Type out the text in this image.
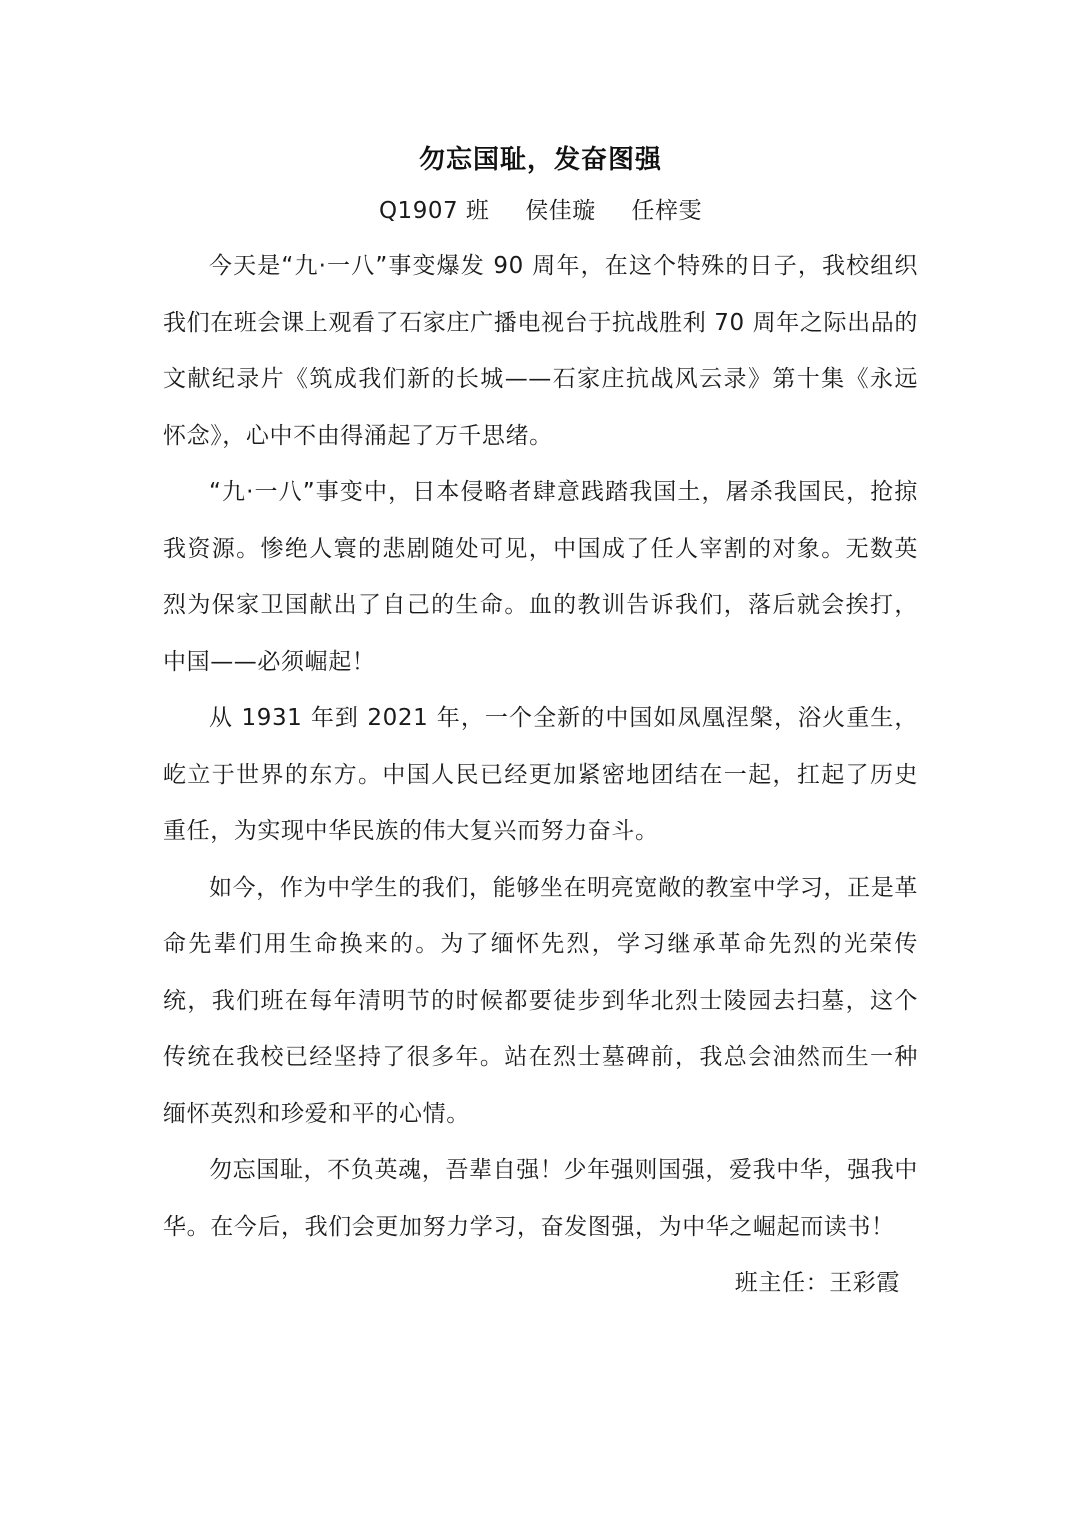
勿忘国耻，发奋图强

Q1907 班 侯佳璇 任梓雯

今天是“九·一八”事变爆发 90 周年，在这个特殊的日子，我校组织我们在班会课上观看了石家庄广播电视台于抗战胜利 70 周年之际出品的文献纪录片《筑成我们新的长城——石家庄抗战风云录》第十集《永远怀念》，心中不由得涌起了万千思绪。

“九·一八”事变中，日本侵略者肆意践踏我国土，屠杀我国民，抢掠我资源。惨绝人寰的悲剧随处可见，中国成了任人宰割的对象。无数英烈为保家卫国献出了自己的生命。血的教训告诉我们，落后就会挨打，中国——必须崛起！

从 1931 年到 2021 年，一个全新的中国如凤凰涅槃，浴火重生，屹立于世界的东方。中国人民已经更加紧密地团结在一起，扛起了历史重任，为实现中华民族的伟大复兴而努力奋斗。

如今，作为中学生的我们，能够坐在明亮宽敞的教室中学习，正是革命先辈们用生命换来的。为了缅怀先烈，学习继承革命先烈的光荣传统，我们班在每年清明节的时候都要徒步到华北烈士陵园去扫墓，这个传统在我校已经坚持了很多年。站在烈士墓碑前，我总会油然而生一种缅怀英烈和珍爱和平的心情。

勿忘国耻，不负英魂，吾辈自强！少年强则国强，爱我中华，强我中华。在今后，我们会更加努力学习，奋发图强，为中华之崛起而读书！

班主任：王彩霞
